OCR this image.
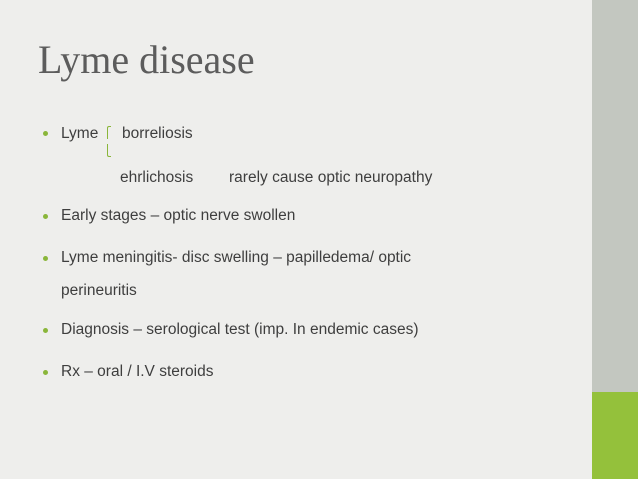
Lyme disease
Lyme borreliosis
ehrlichosis rarely cause optic neuropathy
Early stages – optic nerve swollen
Lyme meningitis- disc swelling – papilledema/ optic
perineuritis
Diagnosis – serological test (imp. In endemic cases)
Rx – oral / I.V steroids
